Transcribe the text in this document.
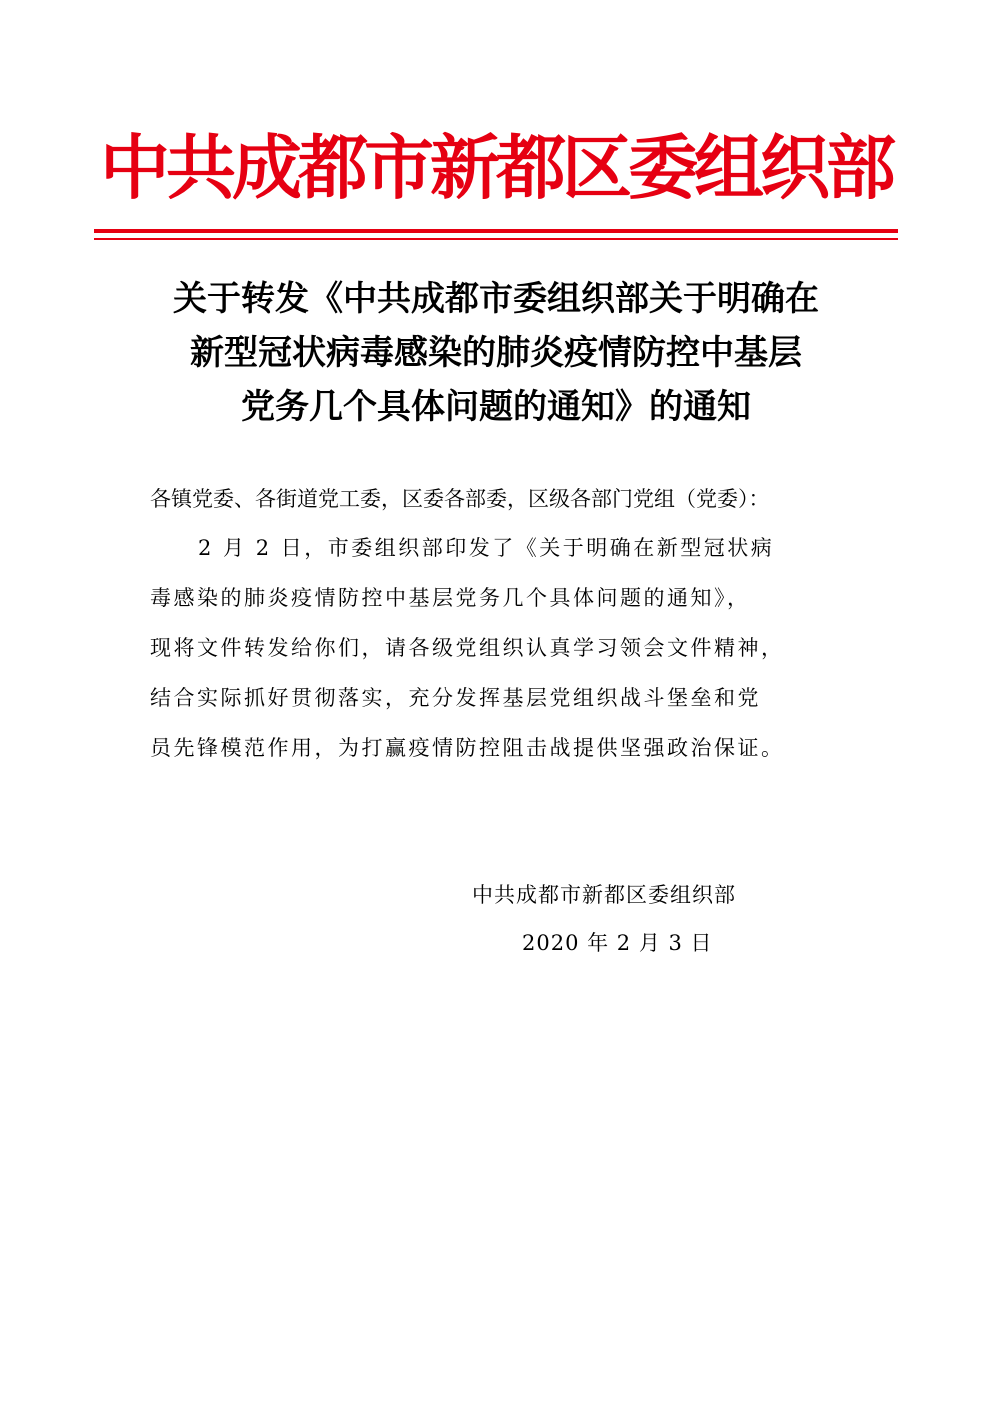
中共成都市新都区委组织部
关于转发《中共成都市委组织部关于明确在
新型冠状病毒感染的肺炎疫情防控中基层
党务几个具体问题的通知》的通知
各镇党委、各街道党工委，区委各部委，区级各部门党组（党委）：
2 月 2 日，市委组织部印发了《关于明确在新型冠状病
毒感染的肺炎疫情防控中基层党务几个具体问题的通知》，
现将文件转发给你们，请各级党组织认真学习领会文件精神，
结合实际抓好贯彻落实，充分发挥基层党组织战斗堡垒和党
员先锋模范作用，为打赢疫情防控阻击战提供坚强政治保证。
中共成都市新都区委组织部
2020 年 2 月 3 日
